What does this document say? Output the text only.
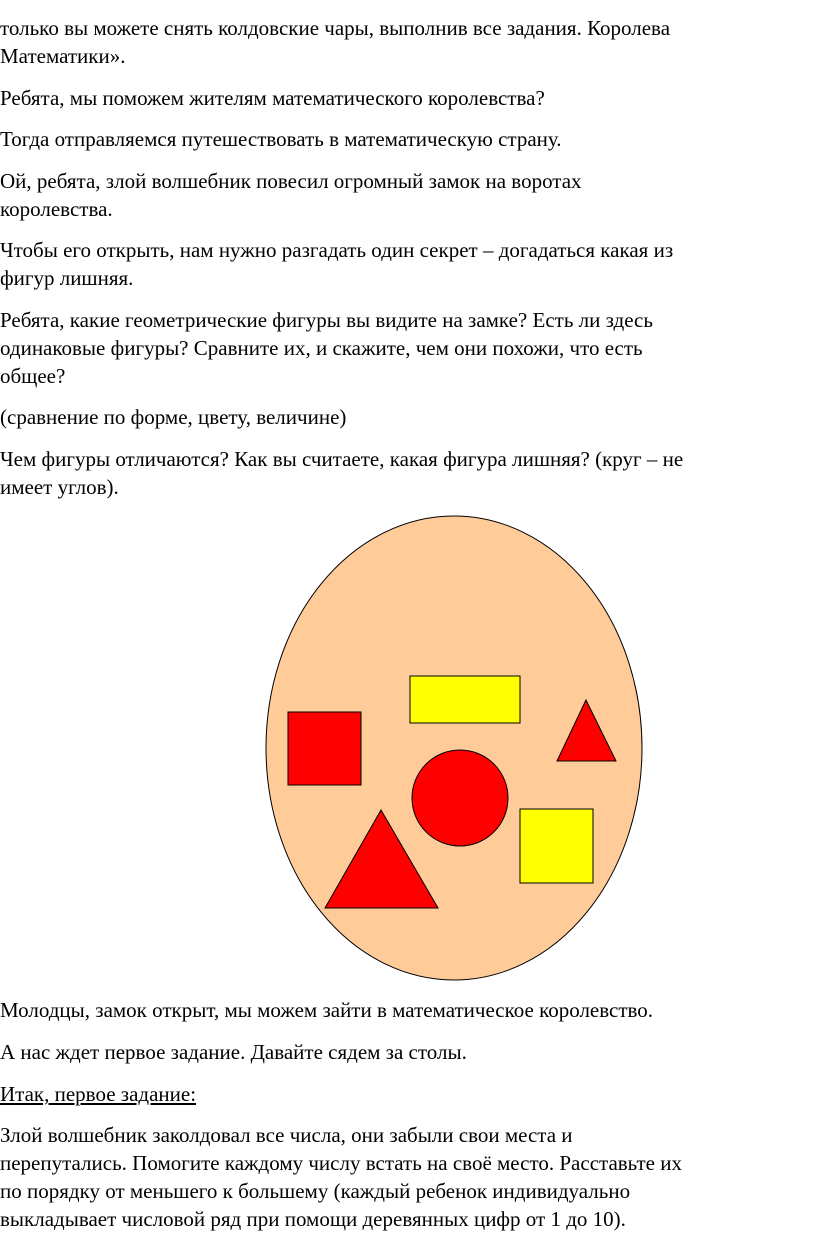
только вы можете снять колдовские чары, выполнив все задания. Королева
Математики».

Ребята, мы поможем жителям математического королевства?

Тогда отправляемся путешествовать в математическую страну.

Ой, ребята, злой волшебник повесил огромный замок на воротах
королевства.

Чтобы его открыть, нам нужно разгадать один секрет – догадаться какая из
фигур лишняя.

Ребята, какие геометрические фигуры вы видите на замке? Есть ли здесь
одинаковые фигуры? Сравните их, и скажите, чем они похожи, что есть
общее?

(сравнение по форме, цвету, величине)

Чем фигуры отличаются? Как вы считаете, какая фигура лишняя? (круг – не
имеет углов).

Молодцы, замок открыт, мы можем зайти в математическое королевство.

А нас ждет первое задание. Давайте сядем за столы.

Итак, первое задание:

Злой волшебник заколдовал все числа, они забыли свои места и
перепутались. Помогите каждому числу встать на своё место. Расставьте их
по порядку от меньшего к большему (каждый ребенок индивидуально
выкладывает числовой ряд при помощи деревянных цифр от 1 до 10).
